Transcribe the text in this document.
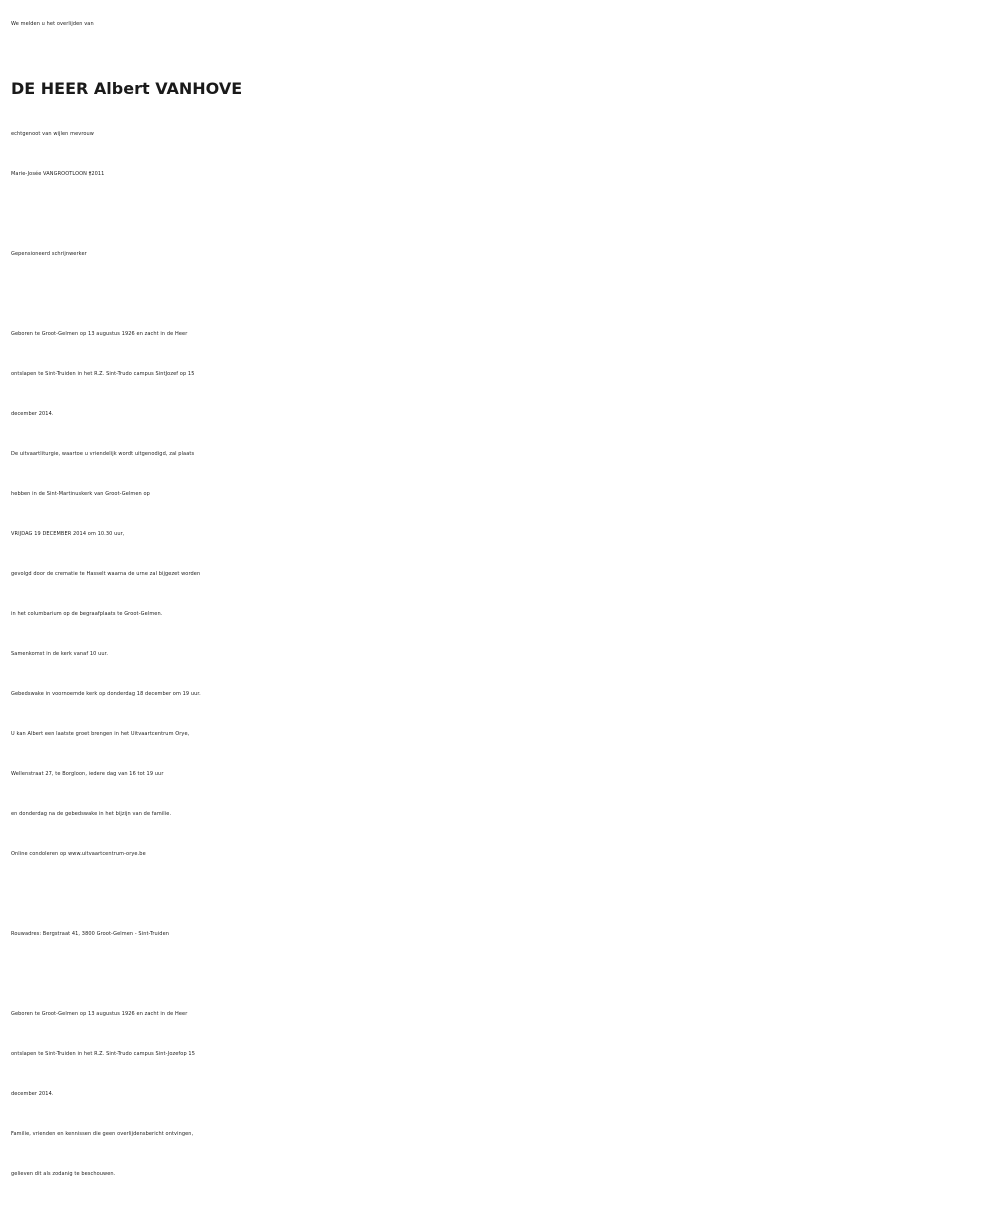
We melden u het overlijden van
DE HEER Albert VANHOVE
echtgenoot van wijlen mevrouw
Marie-Josée VANGROOTLOON †2011
Gepensioneerd schrijnwerker
Geboren te Groot-Gelmen op 13 augustus 1926 en zacht in de Heer
ontslapen te Sint-Truiden in het R.Z. Sint-Trudo campus SintJozef op 15
december 2014.
De uitvaartliturgie, waartoe u vriendelijk wordt uitgenodigd, zal plaats
hebben in de Sint-Martinuskerk van Groot-Gelmen op
VRIJDAG 19 DECEMBER 2014 om 10.30 uur,
gevolgd door de crematie te Hasselt waarna de urne zal bijgezet worden
in het columbarium op de begraafplaats te Groot-Gelmen.
Samenkomst in de kerk vanaf 10 uur.
Gebedswake in voornoemde kerk op donderdag 18 december om 19 uur.
U kan Albert een laatste groet brengen in het Uitvaartcentrum Orye,
Wellenstraat 27, te Borgloon, iedere dag van 16 tot 19 uur
en donderdag na de gebedswake in het bijzijn van de familie.
Online condoleren op www.uitvaartcentrum-orye.be
Rouwadres: Bergstraat 41, 3800 Groot-Gelmen - Sint-Truiden
Geboren te Groot-Gelmen op 13 augustus 1926 en zacht in de Heer
ontslapen te Sint-Truiden in het R.Z. Sint-Trudo campus Sint-Jozefop 15
december 2014.
Familie, vrienden en kennissen die geen overlijdensbericht ontvingen,
gelieven dit als zodanig te beschouwen.
